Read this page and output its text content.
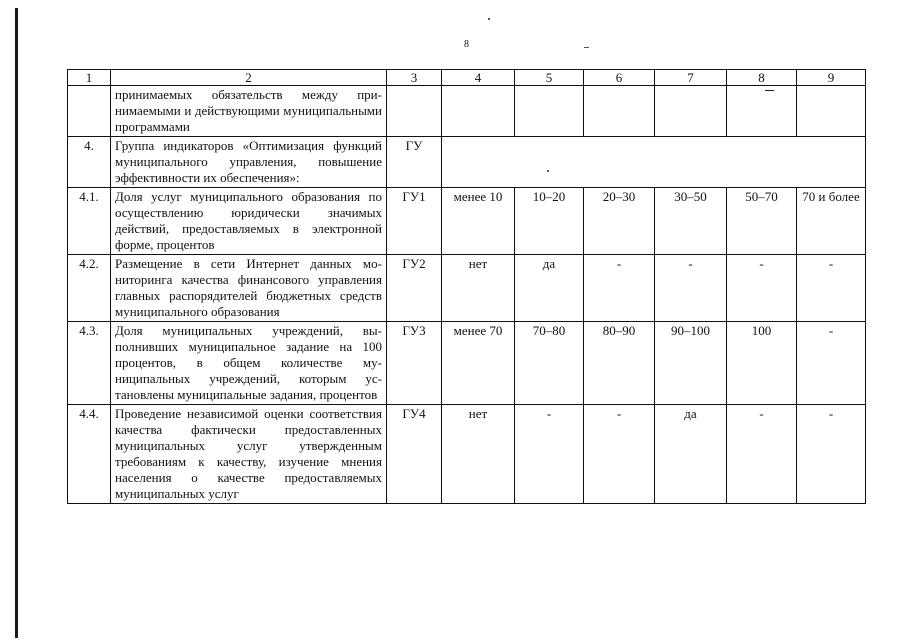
8
1	2	3	4	5	6	7	8	9
	принимаемых обязательств между принимаемыми и действующими муниципальными программами							
4.	Группа индикаторов «Оптимизация функций муниципального управления, повышение эффективности их обеспечения»:	ГУ						
4.1.	Доля услуг муниципального образования по осуществлению юридически значимых действий, предоставляемых в электронной форме, процентов	ГУ1	менее 10	10–20	20–30	30–50	50–70	70 и более
4.2.	Размещение в сети Интернет данных мониторинга качества финансового управления главных распорядителей бюджетных средств муниципального образования	ГУ2	нет	да	-	-	-	-
4.3.	Доля муниципальных учреждений, выполнивших муниципальное задание на 100 процентов, в общем количестве муниципальных учреждений, которым установлены муниципальные задания, процентов	ГУ3	менее 70	70–80	80–90	90–100	100	-
4.4.	Проведение независимой оценки соответствия качества фактически предоставленных муниципальных услуг утвержденным требованиям к качеству, изучение мнения населения о качестве предоставляемых муниципальных услуг	ГУ4	нет	-	-	да	-	-
